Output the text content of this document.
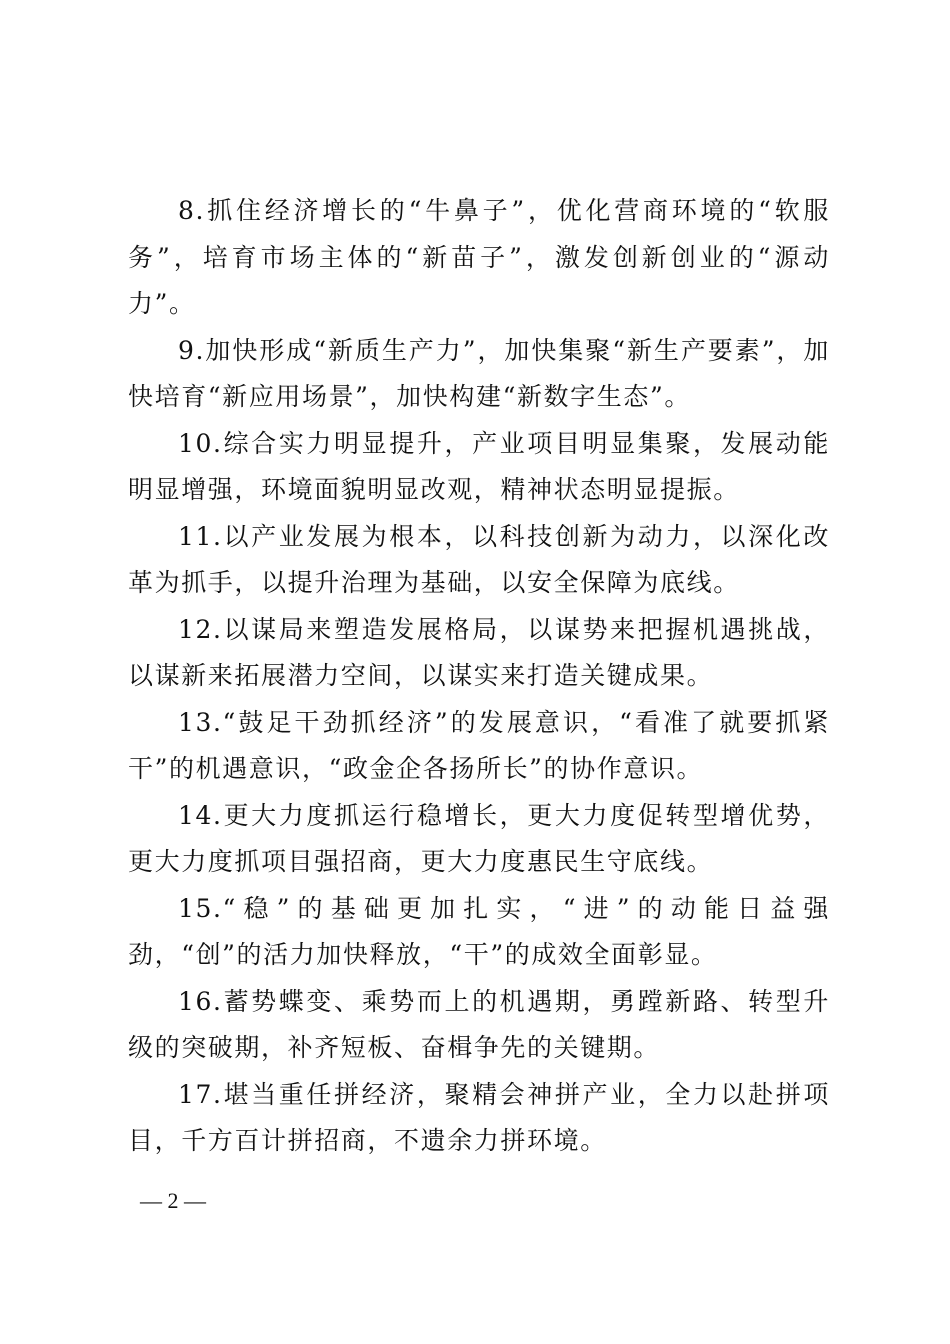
8.抓住经济增长的“牛鼻子”，优化营商环境的“软服务”，培育市场主体的“新苗子”，激发创新创业的“源动力”。

9.加快形成“新质生产力”，加快集聚“新生产要素”，加快培育“新应用场景”，加快构建“新数字生态”。

10.综合实力明显提升，产业项目明显集聚，发展动能明显增强，环境面貌明显改观，精神状态明显提振。

11.以产业发展为根本，以科技创新为动力，以深化改革为抓手，以提升治理为基础，以安全保障为底线。

12.以谋局来塑造发展格局，以谋势来把握机遇挑战，以谋新来拓展潜力空间，以谋实来打造关键成果。

13.“鼓足干劲抓经济”的发展意识，“看准了就要抓紧干”的机遇意识，“政金企各扬所长”的协作意识。

14.更大力度抓运行稳增长，更大力度促转型增优势，更大力度抓项目强招商，更大力度惠民生守底线。

15.“稳”的基础更加扎实，“进”的动能日益强劲，“创”的活力加快释放，“干”的成效全面彰显。

16.蓄势蝶变、乘势而上的机遇期，勇蹚新路、转型升级的突破期，补齐短板、奋楫争先的关键期。

17.堪当重任拼经济，聚精会神拼产业，全力以赴拼项目，千方百计拼招商，不遗余力拼环境。

— 2 —
